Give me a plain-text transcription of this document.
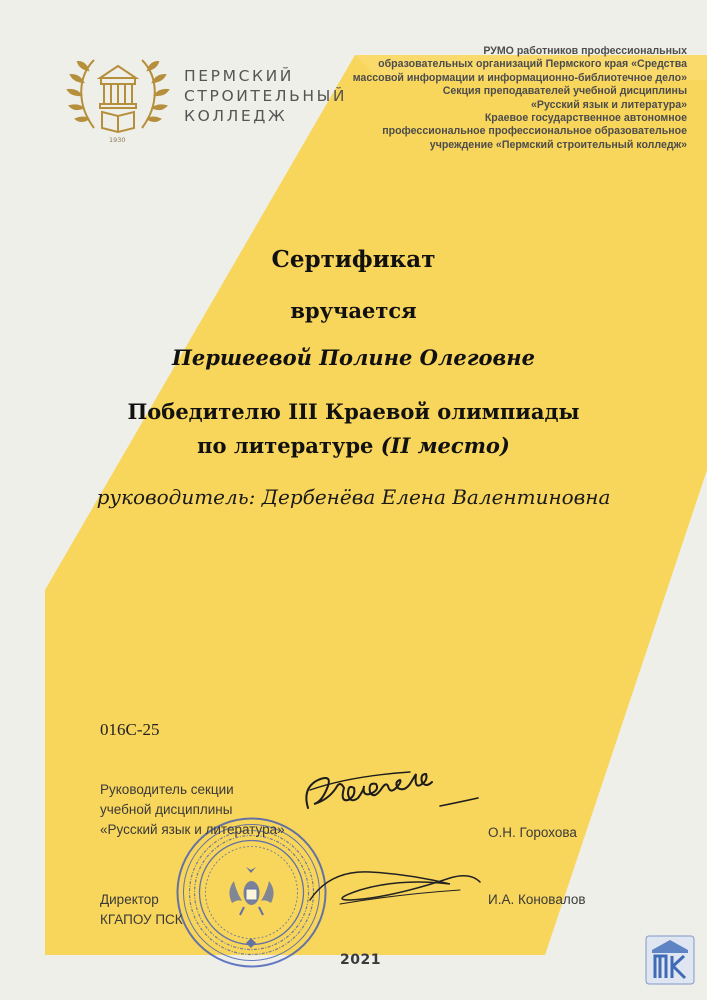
1930
ПЕРМСКИЙ
СТРОИТЕЛЬНЫЙ
КОЛЛЕДЖ
РУМО работников профессиональных
образовательных организаций Пермского края «Средства
массовой информации и информационно-библиотечное дело»
Секция преподавателей учебной дисциплины
«Русский язык и литература»
Краевое государственное автономное
профессиональное профессиональное образовательное
учреждение «Пермский строительный колледж»
Сертификат
вручается
Першеевой Полине Олеговне
Победителю III Краевой олимпиады
по литературе (II место)
руководитель: Дербенёва Елена Валентиновна
016С-25
Руководитель секции
учебной дисциплины
«Русский язык и литература»	О.Н. Горохова
Директор
КГАПОУ ПСК
И.А. Коновалов
2021
